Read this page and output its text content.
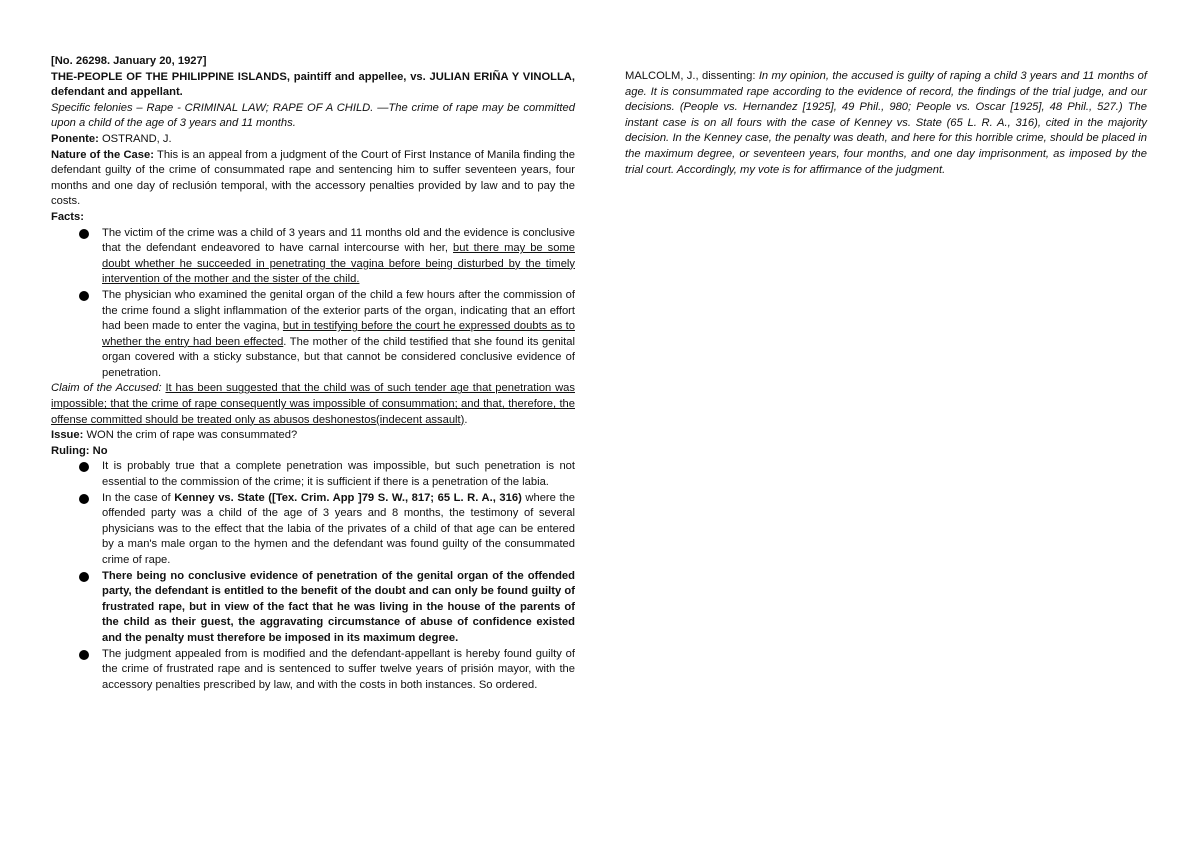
[No. 26298. January 20, 1927]

THE-PEOPLE OF THE PHILIPPINE ISLANDS, paintiff and appellee, vs. JULIAN ERIÑA Y VINOLLA, defendant and appellant.

Specific felonies – Rape - CRIMINAL LAW; RAPE OF A CHILD. —The crime of rape may be committed upon a child of the age of 3 years and 11 months.

Ponente: OSTRAND, J.

Nature of the Case: This is an appeal from a judgment of the Court of First Instance of Manila finding the defendant guilty of the crime of consummated rape and sentencing him to suffer seventeen years, four months and one day of reclusión temporal, with the accessory penalties provided by law and to pay the costs.

Facts:

The victim of the crime was a child of 3 years and 11 months old and the evidence is conclusive that the defendant endeavored to have carnal intercourse with her, but there may be some doubt whether he succeeded in penetrating the vagina before being disturbed by the timely intervention of the mother and the sister of the child.
The physician who examined the genital organ of the child a few hours after the commission of the crime found a slight inflammation of the exterior parts of the organ, indicating that an effort had been made to enter the vagina, but in testifying before the court he expressed doubts as to whether the entry had been effected. The mother of the child testified that she found its genital organ covered with a sticky substance, but that cannot be considered conclusive evidence of penetration.

Claim of the Accused: It has been suggested that the child was of such tender age that penetration was impossible; that the crime of rape consequently was impossible of consummation; and that, therefore, the offense committed should be treated only as abusos deshonestos(indecent assault).

Issue: WON the crim of rape was consummated?

Ruling: No

It is probably true that a complete penetration was impossible, but such penetration is not essential to the commission of the crime; it is sufficient if there is a penetration of the labia.
In the case of Kenney vs. State ([Tex. Crim. App ]79 S. W., 817; 65 L. R. A., 316) where the offended party was a child of the age of 3 years and 8 months, the testimony of several physicians was to the effect that the labia of the privates of a child of that age can be entered by a man's male organ to the hymen and the defendant was found guilty of the consummated crime of rape.
There being no conclusive evidence of penetration of the genital organ of the offended party, the defendant is entitled to the benefit of the doubt and can only be found guilty of frustrated rape, but in view of the fact that he was living in the house of the parents of the child as their guest, the aggravating circumstance of abuse of confidence existed and the penalty must therefore be imposed in its maximum degree.
The judgment appealed from is modified and the defendant-appellant is hereby found guilty of the crime of frustrated rape and is sentenced to suffer twelve years of prisión mayor, with the accessory penalties prescribed by law, and with the costs in both instances. So ordered.

MALCOLM, J., dissenting: In my opinion, the accused is guilty of raping a child 3 years and 11 months of age. It is consummated rape according to the evidence of record, the findings of the trial judge, and our decisions. (People vs. Hernandez [1925], 49 Phil., 980; People vs. Oscar [1925], 48 Phil., 527.) The instant case is on all fours with the case of Kenney vs. State (65 L. R. A., 316), cited in the majority decision. In the Kenney case, the penalty was death, and here for this horrible crime, should be placed in the maximum degree, or seventeen years, four months, and one day imprisonment, as imposed by the trial court. Accordingly, my vote is for affirmance of the judgment.
